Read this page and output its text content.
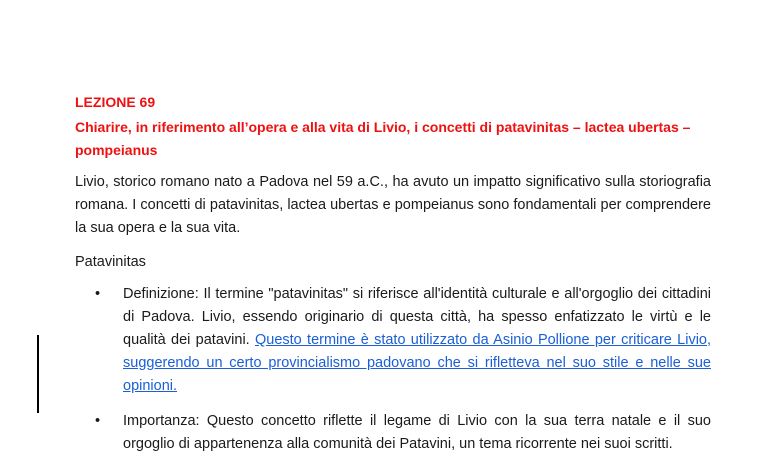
LEZIONE 69

Chiarire, in riferimento all’opera e alla vita di Livio, i concetti di patavinitas – lactea ubertas – pompeianus

Livio, storico romano nato a Padova nel 59 a.C., ha avuto un impatto significativo sulla storiografia romana. I concetti di patavinitas, lactea ubertas e pompeianus sono fondamentali per comprendere la sua opera e la sua vita.

Patavinitas

• Definizione: Il termine "patavinitas" si riferisce all'identità culturale e all'orgoglio dei cittadini di Padova. Livio, essendo originario di questa città, ha spesso enfatizzato le virtù e le qualità dei patavini. Questo termine è stato utilizzato da Asinio Pollione per criticare Livio, suggerendo un certo provincialismo padovano che si rifletteva nel suo stile e nelle sue opinioni.
• Importanza: Questo concetto riflette il legame di Livio con la sua terra natale e il suo orgoglio di appartenenza alla comunità dei Patavini, un tema ricorrente nei suoi scritti.
